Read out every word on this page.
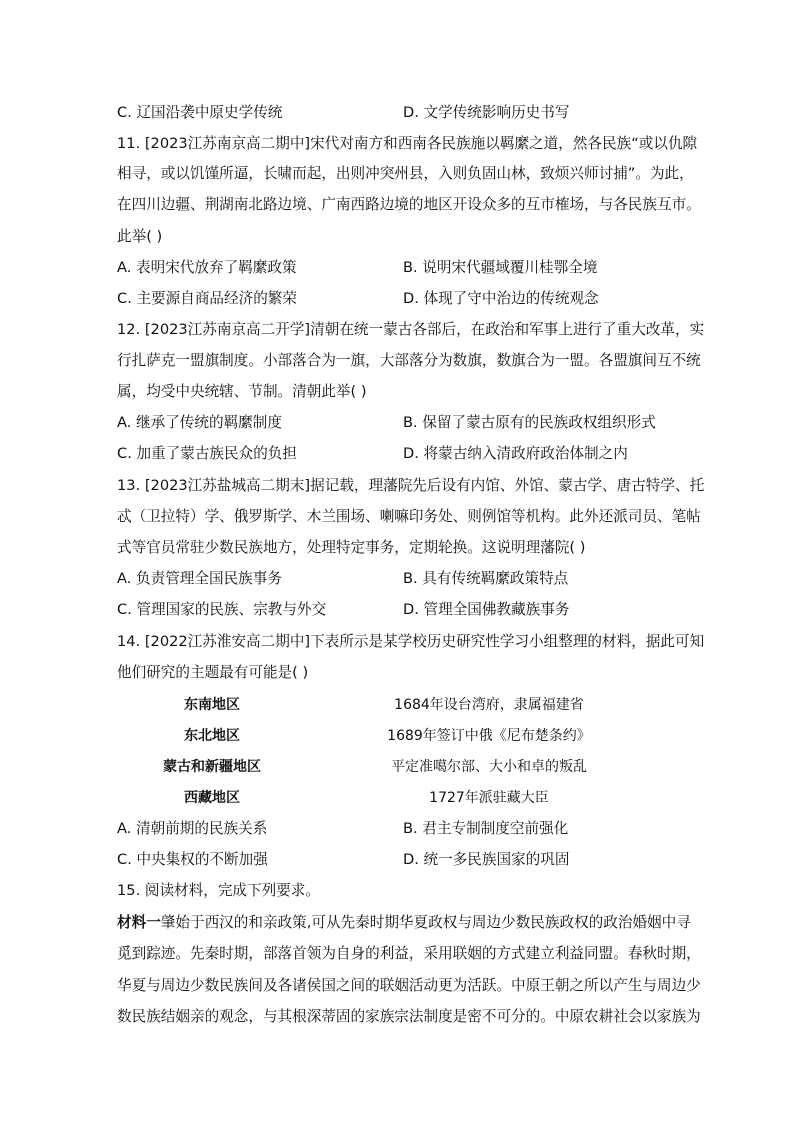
C. 辽国沿袭中原史学传统	D. 文学传统影响历史书写
11. [2023江苏南京高二期中]宋代对南方和西南各民族施以羁縻之道，然各民族“或以仇隙
相寻，或以饥馑所逼，长啸而起，出则冲突州县，入则负固山林，致烦兴师讨捕”。为此，
在四川边疆、荆湖南北路边境、广南西路边境的地区开设众多的互市榷场，与各民族互市。
此举( )
A. 表明宋代放弃了羁縻政策	B. 说明宋代疆域覆川桂鄂全境
C. 主要源自商品经济的繁荣	D. 体现了守中治边的传统观念
12. [2023江苏南京高二开学]清朝在统一蒙古各部后，在政治和军事上进行了重大改革，实
行扎萨克一盟旗制度。小部落合为一旗，大部落分为数旗，数旗合为一盟。各盟旗间互不统
属，均受中央统辖、节制。清朝此举( )
A. 继承了传统的羁縻制度	B. 保留了蒙古原有的民族政权组织形式
C. 加重了蒙古族民众的负担	D. 将蒙古纳入清政府政治体制之内
13. [2023江苏盐城高二期末]据记载，理藩院先后设有内馆、外馆、蒙古学、唐古特学、托
忒（卫拉特）学、俄罗斯学、木兰围场、喇嘛印务处、则例馆等机构。此外还派司员、笔帖
式等官员常驻少数民族地方，处理特定事务，定期轮换。这说明理藩院( )
A. 负责管理全国民族事务	B. 具有传统羁縻政策特点
C. 管理国家的民族、宗教与外交	D. 管理全国佛教藏族事务
14. [2022江苏淮安高二期中]下表所示是某学校历史研究性学习小组整理的材料，据此可知
他们研究的主题最有可能是( )
东南地区	1684年设台湾府，隶属福建省
东北地区	1689年签订中俄《尼布楚条约》
蒙古和新疆地区	平定准噶尔部、大小和卓的叛乱
西藏地区	1727年派驻藏大臣
A. 清朝前期的民族关系	B. 君主专制制度空前强化
C. 中央集权的不断加强	D. 统一多民族国家的巩固
15. 阅读材料，完成下列要求。
材料一肇始于西汉的和亲政策,可从先秦时期华夏政权与周边少数民族政权的政治婚姻中寻
觅到踪迹。先秦时期，部落首领为自身的利益，采用联姻的方式建立利益同盟。春秋时期，
华夏与周边少数民族间及各诸侯国之间的联姻活动更为活跃。中原王朝之所以产生与周边少
数民族结姻亲的观念，与其根深蒂固的家族宗法制度是密不可分的。中原农耕社会以家族为
